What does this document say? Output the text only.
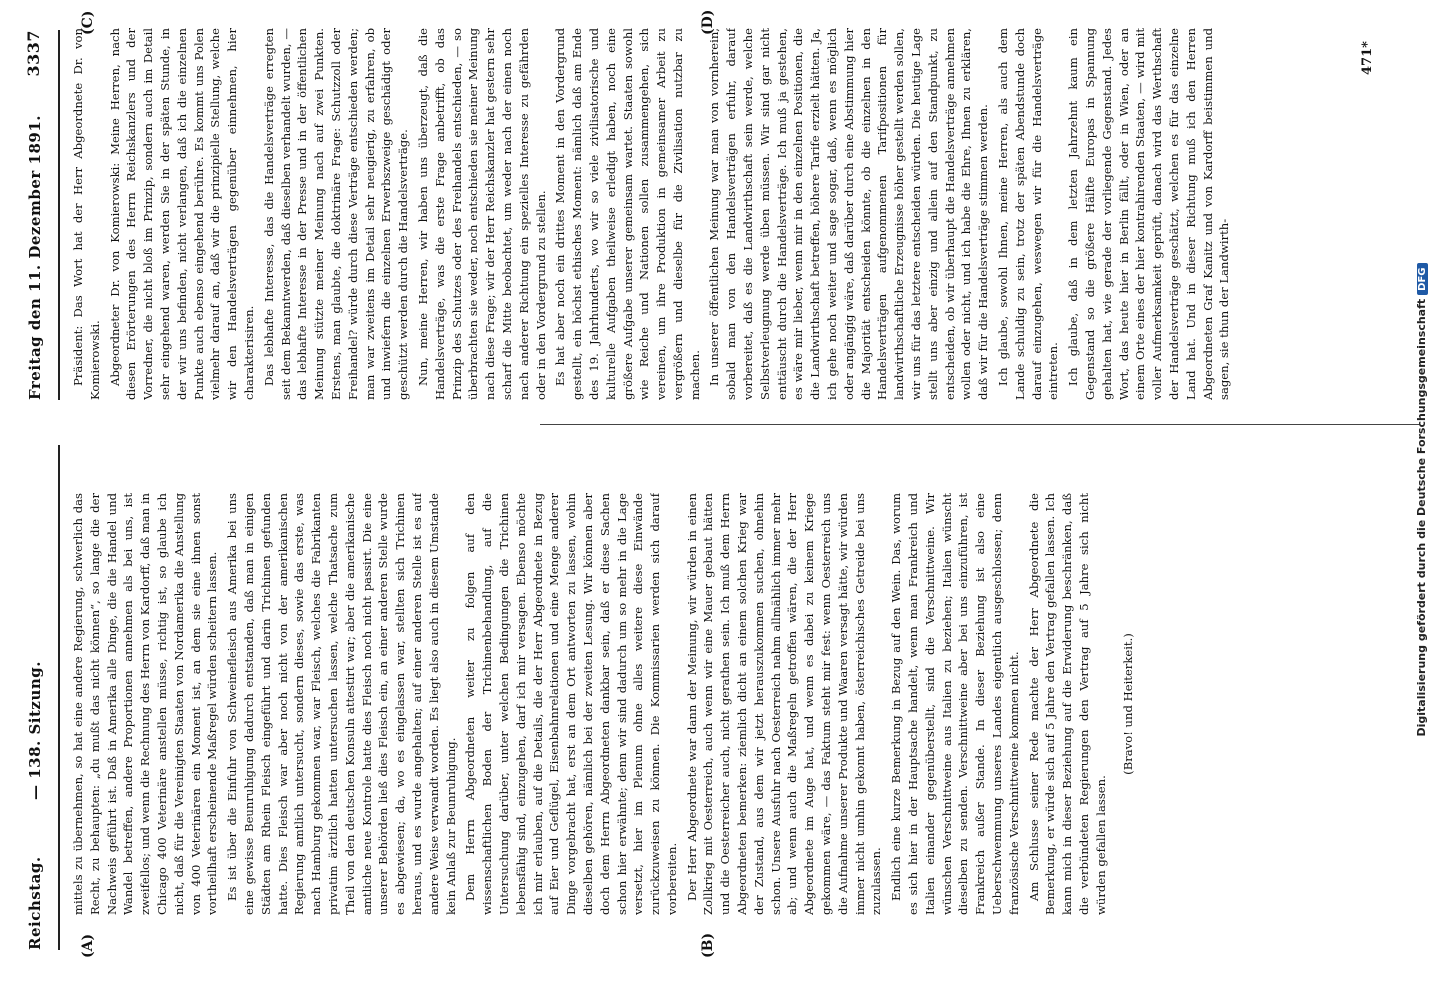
Reichstag.
— 138. Sitzung.
Freitag den 11. Dezember 1891.
3337
(A)	(B)
(C)	(D)

mittels zu übernehmen, so hat eine andere Regierung, schwerlich das Recht, zu behaupten: „du mußt das nicht können“, so lange die der Nachweis geführt ist. Daß in Amerika alle Dinge, die die Handel und Wandel betreffen, andere Proportionen annehmen als bei uns, ist zweifellos; und wenn die Rechnung des Herrn von Kardorff, daß man in Chicago 400 Veterinäre anstellen müsse, richtig ist, so glaube ich nicht, daß für die Vereinigten Staaten von Nordamerika die Anstellung von 400 Veterinären ein Moment ist, an dem sie eine ihnen sonst vortheilhaft erscheinende Maßregel würden scheitern lassen. Es ist über die Einfuhr von Schweinefleisch aus Amerika bei uns eine gewisse Beunruhigung dadurch entstanden, daß man in einigen Städten am Rhein Fleisch eingeführt und darin Trichinen gefunden hatte. Dies Fleisch war aber noch nicht von der amerikanischen Regierung amtlich untersucht, sondern dieses, sowie das erste, was nach Hamburg gekommen war, war Fleisch, welches die Fabrikanten privatim ärztlich hatten untersuchen lassen, welche Thatsache zum Theil von den deutschen Konsuln attestirt war; aber die amerikanische amtliche neue Kontrole hatte dies Fleisch noch nicht passirt. Die eine unserer Behörden ließ dies Fleisch ein, an einer anderen Stelle wurde es abgewiesen; da, wo es eingelassen war, stellten sich Trichinen heraus, und es wurde angehalten; auf einer anderen Stelle ist es auf andere Weise verwandt worden. Es liegt also auch in diesem Umstande kein Anlaß zur Beunruhigung. Dem Herrn Abgeordneten weiter zu folgen auf den wissenschaftlichen Boden der Trichinenbehandlung, auf die Untersuchung darüber, unter welchen Bedingungen die Trichinen lebensfähig sind, einzugehen, darf ich mir versagen. Ebenso möchte ich mir erlauben, auf die Details, die der Herr Abgeordnete in Bezug auf Eier und Geflügel, Eisenbahnrelationen und eine Menge anderer Dinge vorgebracht hat, erst an dem Ort antworten zu lassen, wohin dieselben gehören, nämlich bei der zweiten Lesung. Wir können aber doch dem Herrn Abgeordneten dankbar sein, daß er diese Sachen schon hier erwähnte; denn wir sind dadurch um so mehr in die Lage versetzt, hier im Plenum ohne alles weitere diese Einwände zurückzuweisen zu können. Die Kommissarien werden sich darauf vorbereiten. Der Herr Abgeordnete war dann der Meinung, wir würden in einen Zollkrieg mit Oesterreich, auch wenn wir eine Mauer gebaut hätten und die Oesterreicher auch, nicht gerathen sein. Ich muß dem Herrn Abgeordneten bemerken: ziemlich dicht an einem solchen Krieg war der Zustand, aus dem wir jetzt herauszukommen suchen, ohnehin schon. Unsere Ausfuhr nach Oesterreich nahm allmählich immer mehr ab; und wenn auch die Maßregeln getroffen wären, die der Herr Abgeordnete im Auge hat, und wenn es dabei zu keinem Kriege gekommen wäre, — das Faktum steht mir fest: wenn Oesterreich uns die Aufnahme unserer Produkte und Waaren versagt hätte, wir würden immer nicht umhin gekonnt haben, österreichisches Getreide bei uns zuzulassen. Endlich eine kurze Bemerkung in Bezug auf den Wein. Das, worum es sich hier in der Hauptsache handelt, wenn man Frankreich und Italien einander gegenüberstellt, sind die Verschnittweine. Wir wünschen Verschnittweine aus Italien zu beziehen; Italien wünscht dieselben zu senden. Verschnittweine aber bei uns einzuführen, ist Frankreich außer Stande. In dieser Beziehung ist also eine Ueberschwemmung unseres Landes eigentlich ausgeschlossen; denn französische Verschnittweine kommen nicht. Am Schlusse seiner Rede machte der Herr Abgeordnete die Bemerkung, er würde sich auf 5 Jahre den Vertrag gefallen lassen. Ich kann mich in dieser Beziehung auf die Erwiderung beschränken, daß die verbündeten Regierungen den Vertrag auf 5 Jahre sich nicht würden gefallen lassen.

(Bravo! und Heiterkeit.)

Präsident: Das Wort hat der Herr Abgeordnete Dr. von Komierowski. Abgeordneter Dr. von Komierowski: Meine Herren, nach diesen Erörterungen des Herrn Reichskanzlers und der Vorredner, die nicht bloß im Prinzip, sondern auch im Detail sehr eingehend waren, werden Sie in der späten Stunde, in der wir uns befinden, nicht verlangen, daß ich die einzelnen Punkte auch ebenso eingehend berühre. Es kommt uns Polen vielmehr darauf an, daß wir die prinzipielle Stellung, welche wir den Handelsverträgen gegenüber einnehmen, hier charakterisiren. Das lebhafte Interesse, das die Handelsverträge erregten seit dem Bekanntwerden, daß dieselben verhandelt wurden, — das lebhafte Interesse in der Presse und in der öffentlichen Meinung stützte meiner Meinung nach auf zwei Punkten. Erstens, man glaubte, die doktrinäre Frage: Schutzzoll oder Freihandel? würde durch diese Verträge entschieden werden; man war zweitens im Detail sehr neugierig, zu erfahren, ob und inwiefern die einzelnen Erwerbszweige geschädigt oder geschützt werden durch die Handelsverträge. Nun, meine Herren, wir haben uns überzeugt, daß die Handelsverträge, was die erste Frage anbetrifft, ob das Prinzip des Schutzes oder des Freihandels entschieden, — so überbrachten sie weder, noch entschieden sie meiner Meinung nach diese Frage; wir der Herr Reichskanzler hat gestern sehr scharf die Mitte beobachtet, um weder nach der einen noch nach anderer Richtung ein spezielles Interesse zu gefährden oder in den Vordergrund zu stellen. Es hat aber noch ein drittes Moment in den Vordergrund gestellt, ein höchst ethisches Moment: nämlich daß am Ende des 19. Jahrhunderts, wo wir so viele zivilisatorische und kulturelle Aufgaben theilweise erledigt haben, noch eine größere Aufgabe unserer gemeinsam wartet. Staaten sowohl wie Reiche und Nationen sollen zusammengehen, sich vereinen, um ihre Produktion in gemeinsamer Arbeit zu vergrößern und dieselbe für die Zivilisation nutzbar zu machen. In unserer öffentlichen Meinung war man von vornherein, sobald man von den Handelsverträgen erfuhr, darauf vorbereitet, daß es die Landwirthschaft sein werde, welche Selbstverleugnung werde üben müssen. Wir sind gar nicht enttäuscht durch die Handelsverträge. Ich muß ja gestehen, es wäre mir lieber, wenn mir in den einzelnen Positionen, die die Landwirthschaft betreffen, höhere Tarife erzielt hätten. Ja, ich gehe noch weiter und sage sogar, daß, wenn es möglich oder angängig wäre, daß darüber durch eine Abstimmung hier die Majorität entscheiden könnte, ob die einzelnen in den Handelsverträgen aufgenommenen Tarifpositionen für landwirthschaftliche Erzeugnisse höher gestellt werden sollen, wir uns für das letztere entscheiden würden. Die heutige Lage stellt uns aber einzig und allein auf den Standpunkt, zu entscheiden, ob wir überhaupt die Handelsverträge annehmen wollen oder nicht, und ich habe die Ehre, Ihnen zu erklären, daß wir für die Handelsverträge stimmen werden. Ich glaube, sowohl Ihnen, meine Herren, als auch dem Lande schuldig zu sein, trotz der späten Abendstunde doch darauf einzugehen, weswegen wir für die Handelsverträge eintreten. Ich glaube, daß in dem letzten Jahrzehnt kaum ein Gegenstand so die größere Hälfte Europas in Spannung gehalten hat, wie gerade der vorliegende Gegenstand. Jedes Wort, das heute hier in Berlin fällt, oder in Wien, oder an einem Orte eines der hier kontrahirenden Staaten, — wird mit voller Aufmerksamkeit geprüft, danach wird das Werthschaft der Handelsverträge geschätzt, welchen es für das einzelne Land hat. Und in dieser Richtung muß ich den Herren Abgeordneten Graf Kanitz und von Kardorff beistimmen und sagen, sie thun der Landwirth-

471*
Digitalisierung gefördert durch die Deutsche ForschungsgemeinschaftDFG
